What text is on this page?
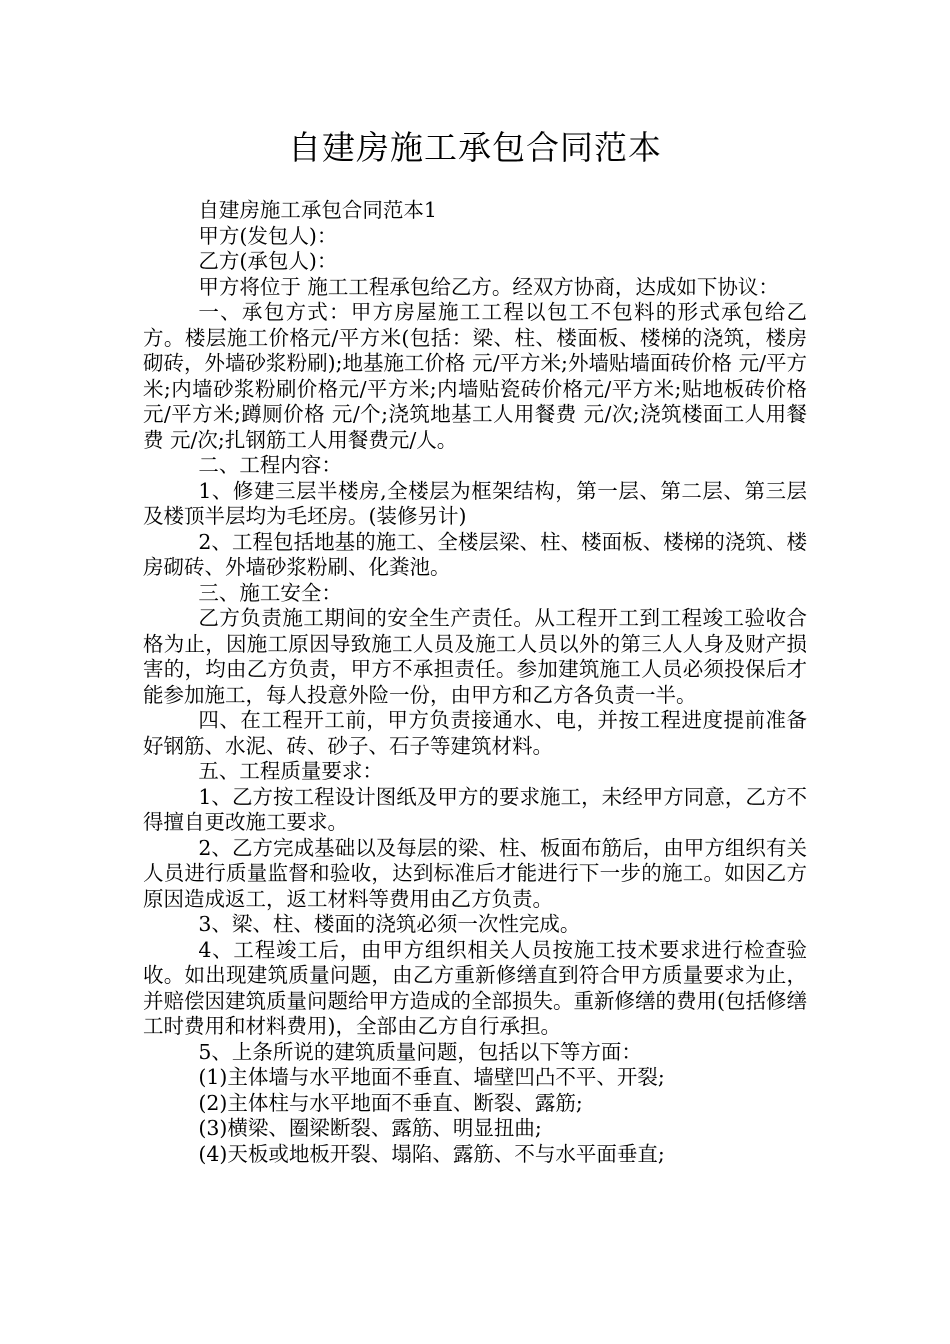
自建房施工承包合同范本

自建房施工承包合同范本1

甲方(发包人)：

乙方(承包人)：

甲方将位于 施工工程承包给乙方。经双方协商，达成如下协议：

一、承包方式：甲方房屋施工工程以包工不包料的形式承包给乙方。楼层施工价格元/平方米(包括：梁、柱、楼面板、楼梯的浇筑，楼房砌砖，外墙砂浆粉刷);地基施工价格 元/平方米;外墙贴墙面砖价格 元/平方米;内墙砂浆粉刷价格元/平方米;内墙贴瓷砖价格元/平方米;贴地板砖价格 元/平方米;蹲厕价格 元/个;浇筑地基工人用餐费 元/次;浇筑楼面工人用餐费 元/次;扎钢筋工人用餐费元/人。

二、工程内容：

1、修建三层半楼房,全楼层为框架结构，第一层、第二层、第三层及楼顶半层均为毛坯房。(装修另计)

2、工程包括地基的施工、全楼层梁、柱、楼面板、楼梯的浇筑、楼房砌砖、外墙砂浆粉刷、化粪池。

三、施工安全：

乙方负责施工期间的安全生产责任。从工程开工到工程竣工验收合格为止，因施工原因导致施工人员及施工人员以外的第三人人身及财产损害的，均由乙方负责，甲方不承担责任。参加建筑施工人员必须投保后才能参加施工，每人投意外险一份，由甲方和乙方各负责一半。

四、在工程开工前，甲方负责接通水、电，并按工程进度提前准备好钢筋、水泥、砖、砂子、石子等建筑材料。

五、工程质量要求：

1、乙方按工程设计图纸及甲方的要求施工，未经甲方同意，乙方不得擅自更改施工要求。

2、乙方完成基础以及每层的梁、柱、板面布筋后，由甲方组织有关人员进行质量监督和验收，达到标准后才能进行下一步的施工。如因乙方原因造成返工，返工材料等费用由乙方负责。

3、梁、柱、楼面的浇筑必须一次性完成。

4、工程竣工后，由甲方组织相关人员按施工技术要求进行检查验收。如出现建筑质量问题，由乙方重新修缮直到符合甲方质量要求为止，并赔偿因建筑质量问题给甲方造成的全部损失。重新修缮的费用(包括修缮工时费用和材料费用)，全部由乙方自行承担。

5、上条所说的建筑质量问题，包括以下等方面：

(1)主体墙与水平地面不垂直、墙壁凹凸不平、开裂;

(2)主体柱与水平地面不垂直、断裂、露筋;

(3)横梁、圈梁断裂、露筋、明显扭曲;

(4)天板或地板开裂、塌陷、露筋、不与水平面垂直;
